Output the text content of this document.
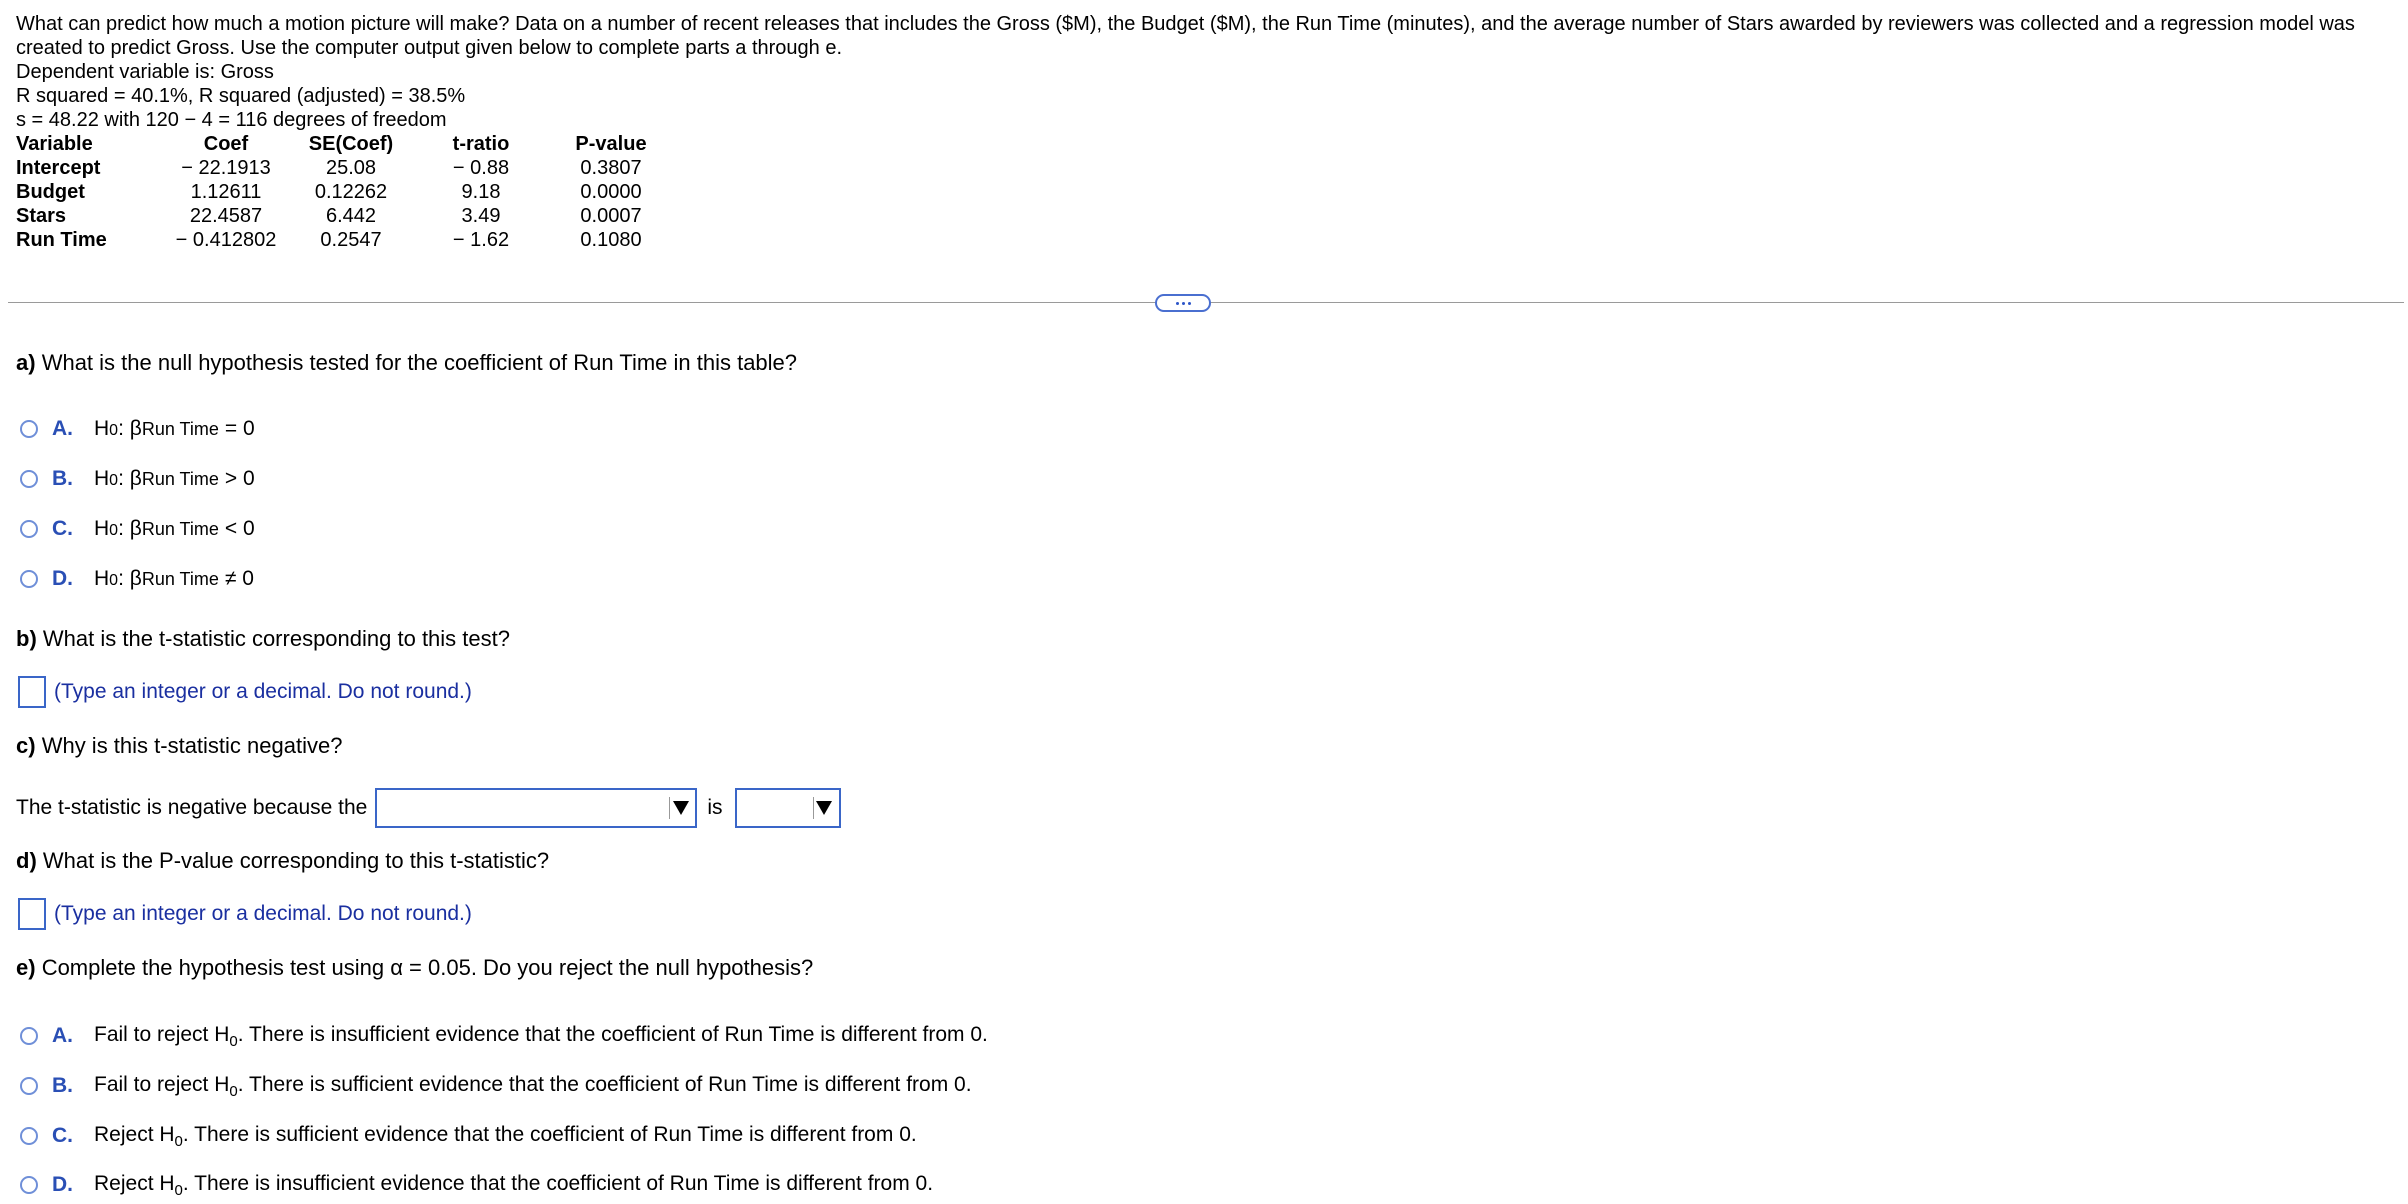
What can predict how much a motion picture will make? Data on a number of recent releases that includes the Gross ($M), the Budget ($M), the Run Time (minutes), and the average number of Stars awarded by reviewers was collected and a regression model was created to predict Gross. Use the computer output given below to complete parts a through e.

Dependent variable is: Gross

R squared = 40.1%, R squared (adjusted) = 38.5%

s = 48.22 with 120 − 4 = 116 degrees of freedom

Variable	Coef	SE(Coef)	t-ratio	P-value
Intercept	− 22.1913	25.08	− 0.88	0.3807
Budget	1.12611	0.12262	9.18	0.0000
Stars	22.4587	6.442	3.49	0.0007
Run Time	− 0.412802	0.2547	− 1.62	0.1080
a) What is the null hypothesis tested for the coefficient of Run Time in this table?
A.	H 0 : β Run Time = 0
B.	H 0 : β Run Time > 0
C.	H 0 : β Run Time < 0
D.	H 0 : β Run Time ≠ 0
b) What is the t-statistic corresponding to this test?
(Type an integer or a decimal. Do not round.)
c) Why is this t-statistic negative?
The t-statistic is negative because the	is
d) What is the P-value corresponding to this t-statistic?
(Type an integer or a decimal. Do not round.)
e) Complete the hypothesis test using α = 0.05. Do you reject the null hypothesis?
A.	Fail to reject $H_0$. There is insufficient evidence that the coefficient of Run Time is different from 0.
B.	Fail to reject $H_0$. There is sufficient evidence that the coefficient of Run Time is different from 0.
C.	Reject $H_0$. There is sufficient evidence that the coefficient of Run Time is different from 0.
D.	Reject $H_0$. There is insufficient evidence that the coefficient of Run Time is different from 0.
